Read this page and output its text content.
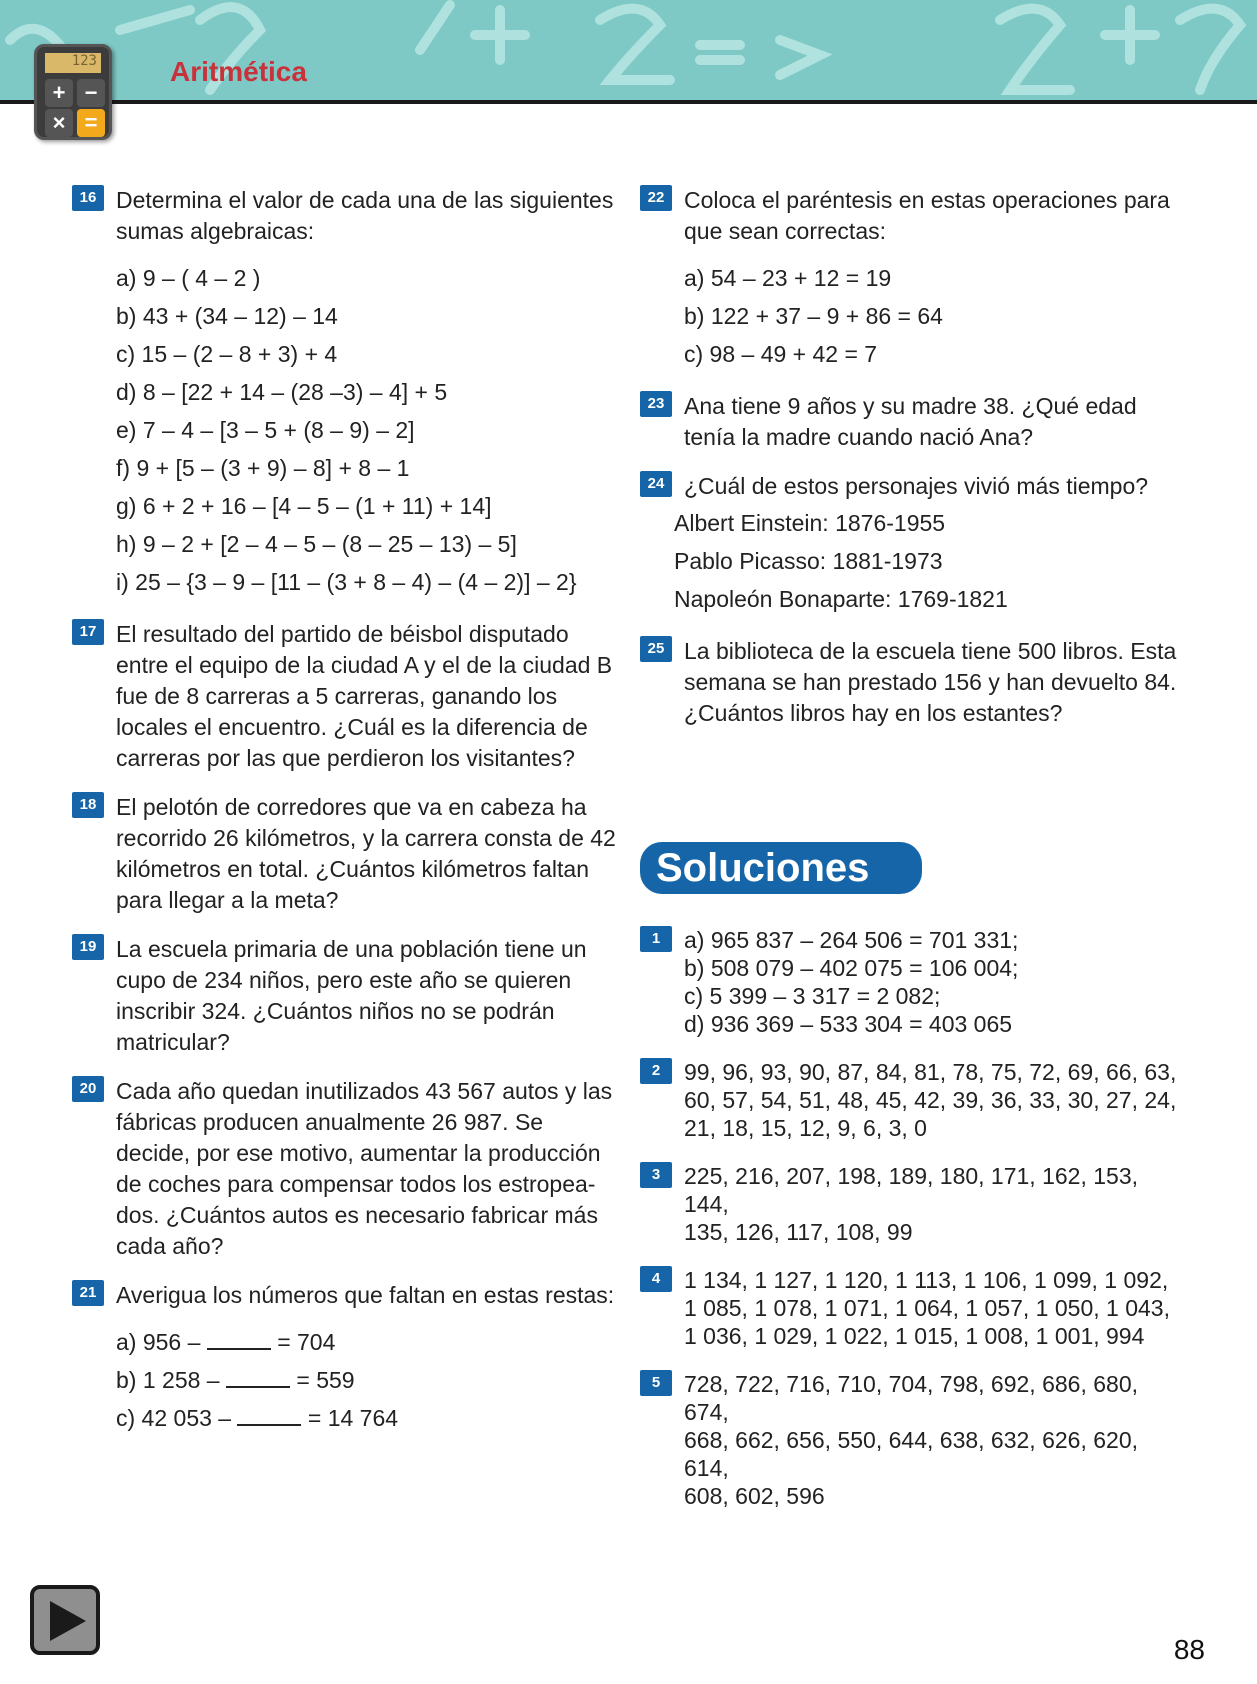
123
+ −
× =
Aritmética
16 Determina el valor de cada una de las siguientes sumas algebraicas:
a) 9 – ( 4 – 2 )
b) 43 + (34 – 12) – 14
c) 15 – (2 – 8 + 3) + 4
d) 8 – [22 + 14 – (28 –3) – 4] + 5
e) 7 – 4 – [3 – 5 + (8 – 9) – 2]
f) 9 + [5 – (3 + 9) – 8] + 8 – 1
g) 6 + 2 + 16 – [4 – 5 – (1 + 11) + 14]
h) 9 – 2 + [2 – 4 – 5 – (8 – 25 – 13) – 5]
i) 25 – {3 – 9 – [11 – (3 + 8 – 4) – (4 – 2)] – 2}
17 El resultado del partido de béisbol disputado entre el equipo de la ciudad A y el de la ciudad B fue de 8 carreras a 5 carreras, ganando los locales el encuentro. ¿Cuál es la diferencia de carreras por las que perdieron los visitantes?
18 El pelotón de corredores que va en cabeza ha recorrido 26 kilómetros, y la carrera consta de 42 kilómetros en total. ¿Cuántos kilómetros faltan para llegar a la meta?
19 La escuela primaria de una población tiene un cupo de 234 niños, pero este año se quieren inscribir 324. ¿Cuántos niños no se podrán matricular?
20 Cada año quedan inutilizados 43 567 autos y las fábricas producen anualmente 26 987. Se decide, por ese motivo, aumentar la producción de coches para compensar todos los estropeados. ¿Cuántos autos es necesario fabricar más cada año?
21 Averigua los números que faltan en estas restas:
a) 956 –	= 704
b) 1 258 –	= 559
c) 42 053 –	= 14 764
22 Coloca el paréntesis en estas operaciones para que sean correctas:
a) 54 – 23 + 12 = 19
b) 122 + 37 – 9 + 86 = 64
c) 98 – 49 + 42 = 7
23 Ana tiene 9 años y su madre 38. ¿Qué edad tenía la madre cuando nació Ana?
24 ¿Cuál de estos personajes vivió más tiempo?
Albert Einstein: 1876-1955
Pablo Picasso: 1881-1973
Napoleón Bonaparte: 1769-1821
25 La biblioteca de la escuela tiene 500 libros. Esta semana se han prestado 156 y han devuelto 84. ¿Cuántos libros hay en los estantes?
Soluciones
1	a) 965 837 – 264 506 = 701 331;
b) 508 079 – 402 075 = 106 004;
c) 5 399 – 3 317 = 2 082;
d) 936 369 – 533 304 = 403 065
2	99, 96, 93, 90, 87, 84, 81, 78, 75, 72, 69, 66, 63,
60, 57, 54, 51, 48, 45, 42, 39, 36, 33, 30, 27, 24,
21, 18, 15, 12, 9, 6, 3, 0
3	225, 216, 207, 198, 189, 180, 171, 162, 153, 144,
135, 126, 117, 108, 99
4	1 134, 1 127, 1 120, 1 113, 1 106, 1 099, 1 092,
1 085, 1 078, 1 071, 1 064, 1 057, 1 050, 1 043,
1 036, 1 029, 1 022, 1 015, 1 008, 1 001, 994
5	728, 722, 716, 710, 704, 798, 692, 686, 680, 674,
668, 662, 656, 550, 644, 638, 632, 626, 620, 614,
608, 602, 596
88
